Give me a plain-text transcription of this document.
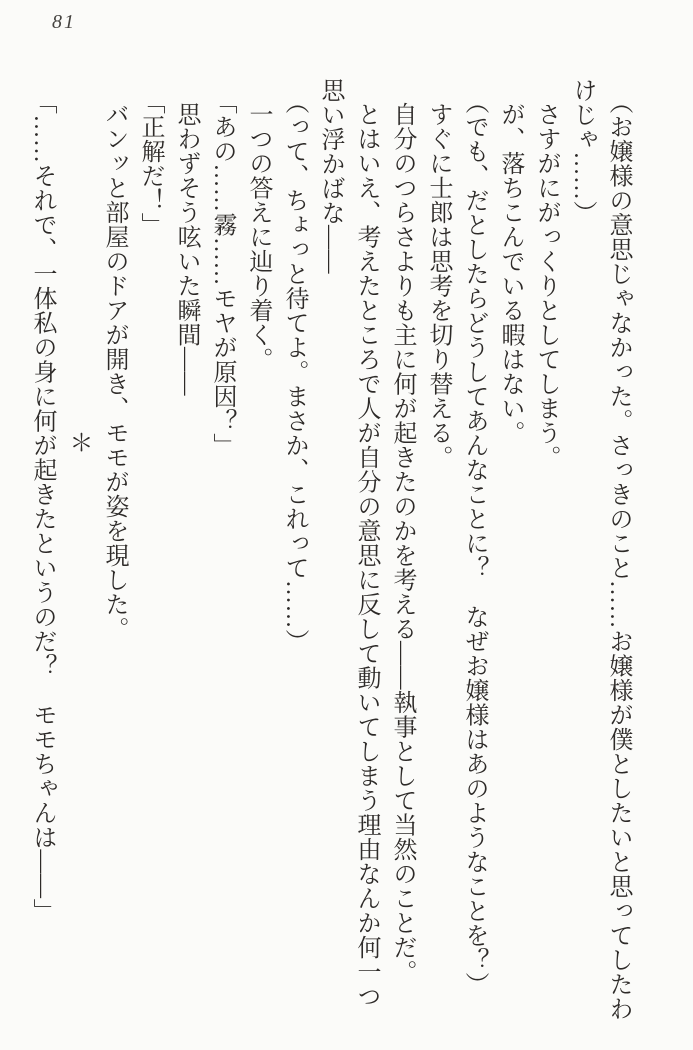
81
（お嬢様の意思じゃなかった。さっきのこと……お嬢様が僕としたいと思ってしたわ
けじゃ……）
さすがにがっくりとしてしまう。
が、落ちこんでいる暇はない。
（でも、だとしたらどうしてあんなことに？　なぜお嬢様はあのようなことを？）
すぐに士郎は思考を切り替える。
自分のつらさよりも主に何が起きたのかを考える——執事として当然のことだ。
とはいえ、考えたところで人が自分の意思に反して動いてしまう理由なんか何一つ
思い浮かばな——
（って、ちょっと待てよ。まさか、これって……）
一つの答えに辿り着く。
「あの……霧……モヤが原因？」
思わずそう呟いた瞬間——
「正解だ！」
バンッと部屋のドアが開き、モモが姿を現した。
＊
「……それで、一体私の身に何が起きたというのだ？　モモちゃんは——」
